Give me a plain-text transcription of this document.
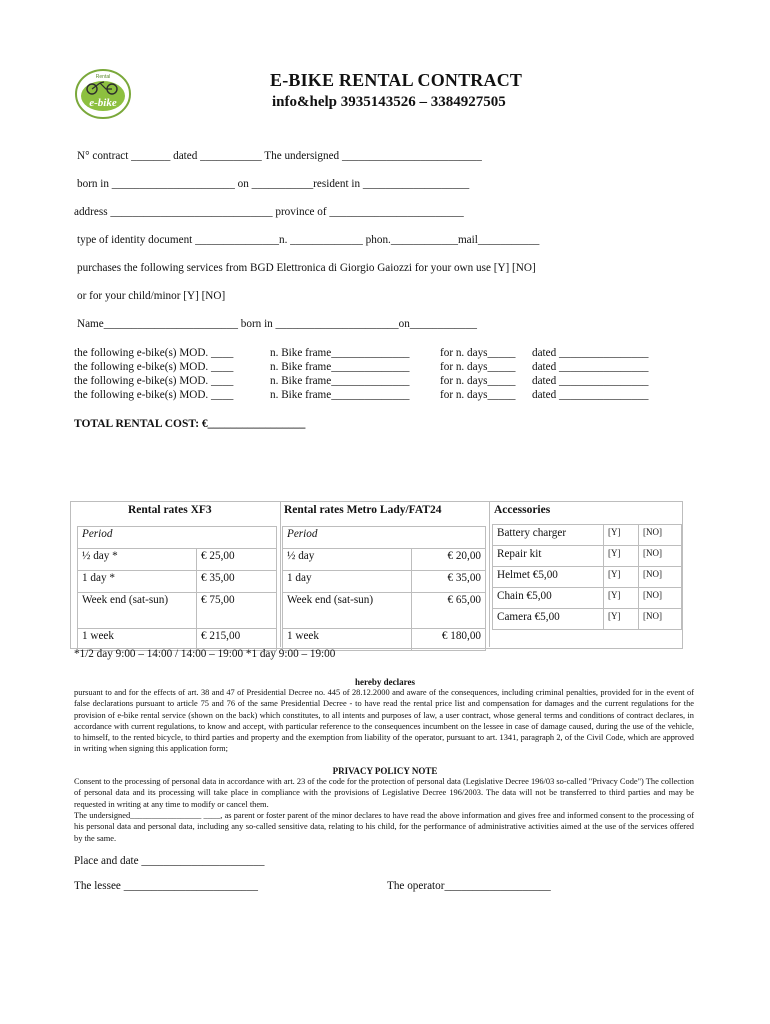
e-bike
Rental	E-BIKE RENTAL CONTRACT
info&help 3935143526 – 3384927505
N° contract _______ dated ___________ The undersigned _________________________
born in ______________________ on ___________resident in ___________________
address _____________________________ province of ________________________
type of identity document _______________n. _____________ phon.____________mail___________
purchases the following services from BGD Elettronica di Giorgio Gaiozzi for your own use [Y] [NO]
or for your child/minor [Y] [NO]
Name________________________ born in ______________________on____________
the following e-bike(s) MOD. ____	n. Bike frame______________	for n. days_____ dated ________________
the following e-bike(s) MOD. ____	n. Bike frame______________	for n. days_____ dated ________________
the following e-bike(s) MOD. ____	n. Bike frame______________	for n. days_____ dated ________________
the following e-bike(s) MOD. ____	n. Bike frame______________	for n. days_____ dated ________________
TOTAL RENTAL COST: €_________________
Rental rates XF3	Rental rates Metro Lady/FAT24	Accessories
Period	
½ day *	€ 25,00
1 day *	€ 35,00
Week end (sat-sun)	€ 75,00
1 week	€ 215,00
Period	
½ day	€ 20,00
1 day	€ 35,00
Week end (sat-sun)	€ 65,00
1 week	€ 180,00
Battery charger	[Y]	[NO]
Repair kit	[Y]	[NO]
Helmet €5,00	[Y]	[NO]
Chain €5,00	[Y]	[NO]
Camera €5,00	[Y]	[NO]
*1/2 day 9:00 – 14:00 / 14:00 – 19:00 *1 day 9:00 – 19:00
hereby declares
pursuant to and for the effects of art. 38 and 47 of Presidential Decree no. 445 of 28.12.2000 and aware of the consequences, including criminal penalties, provided for in the event of false declarations pursuant to article 75 and 76 of the same Presidential Decree - to have read the rental price list and compensation for damages and the current regulations for the provision of e-bike rental service (shown on the back) which constitutes, to all intents and purposes of law, a user contract, whose general terms and conditions of contract declares, in accordance with current regulations, to know and accept, with particular reference to the consequences incumbent on the lessee in case of damage caused, during the use of the vehicle, to himself, to the rented bicycle, to third parties and property and the exemption from liability of the operator, pursuant to art. 1341, paragraph 2, of the Civil Code, which are approved in writing when signing this application form;
PRIVACY POLICY NOTE
Consent to the processing of personal data in accordance with art. 23 of the code for the protection of personal data (Legislative Decree 196/03 so-called "Privacy Code") The collection of personal data and its processing will take place in compliance with the provisions of Legislative Decree 196/2003. The data will not be transferred to third parties and may be requested in writing at any time to modify or cancel them.
The undersigned_________________ ____, as parent or foster parent of the minor declares to have read the above information and gives free and informed consent to the processing of his personal data and personal data, including any so-called sensitive data, relating to his child, for the performance of administrative activities aimed at the use of the services offered by the same.
Place and date ______________________
The lessee ________________________	The operator___________________
